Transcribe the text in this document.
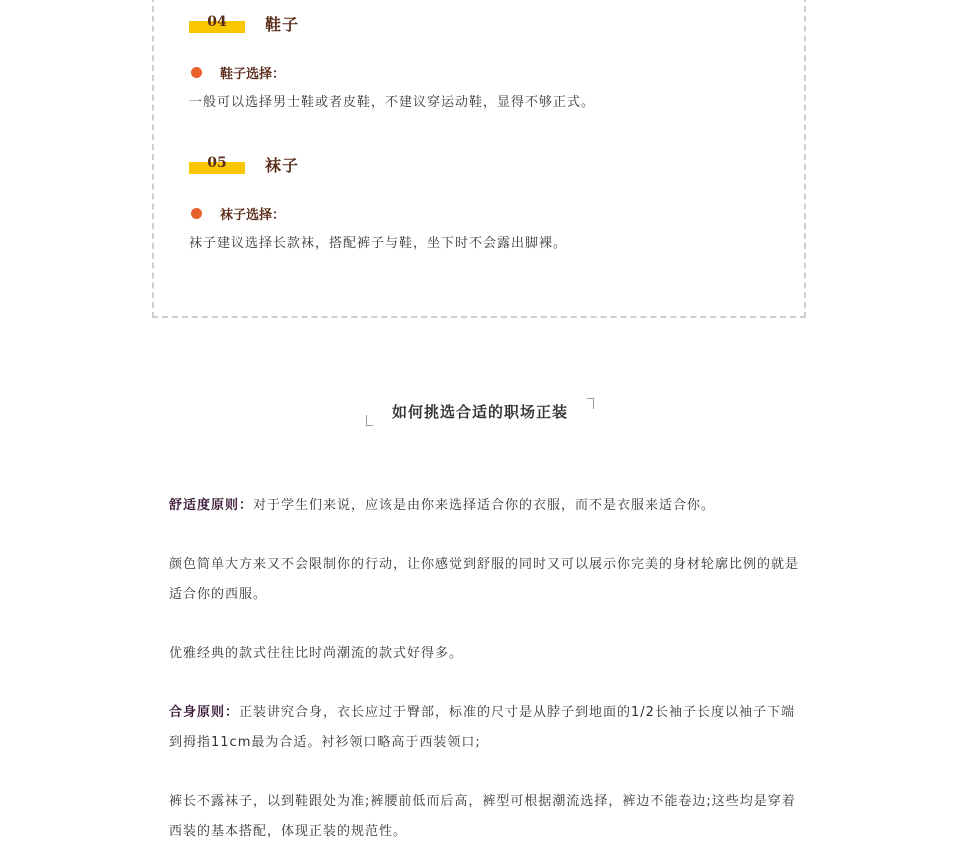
04	鞋子
鞋子选择：
一般可以选择男士鞋或者皮鞋，不建议穿运动鞋，显得不够正式。
05	袜子
袜子选择：
袜子建议选择长款袜，搭配裤子与鞋，坐下时不会露出脚裸。
如何挑选合适的职场正装

舒适度原则：对于学生们来说，应该是由你来选择适合你的衣服，而不是衣服来适合你。

颜色简单大方来又不会限制你的行动，让你感觉到舒服的同时又可以展示你完美的身材轮廓比例的就是适合你的西服。

优雅经典的款式往往比时尚潮流的款式好得多。

合身原则：正装讲究合身，衣长应过于臀部，标准的尺寸是从脖子到地面的1/2长袖子长度以袖子下端到拇指11cm最为合适。衬衫领口略高于西装领口;

裤长不露袜子，以到鞋跟处为准;裤腰前低而后高，裤型可根据潮流选择，裤边不能卷边;这些均是穿着西装的基本搭配，体现正装的规范性。
